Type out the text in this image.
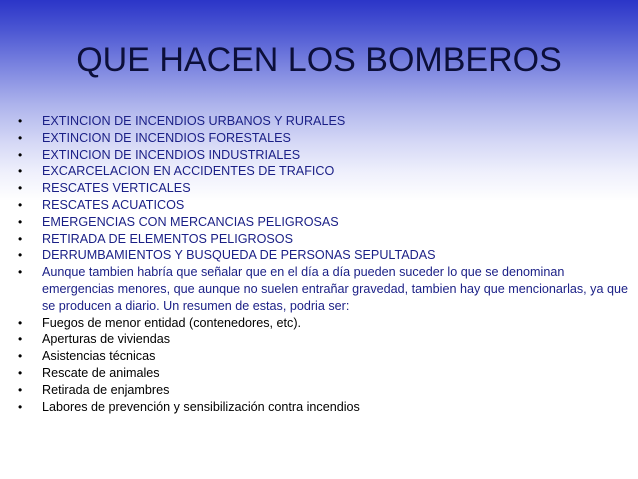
QUE HACEN LOS BOMBEROS
• EXTINCION DE INCENDIOS URBANOS Y RURALES
• EXTINCION DE INCENDIOS FORESTALES
• EXTINCION DE INCENDIOS INDUSTRIALES
• EXCARCELACION EN ACCIDENTES DE TRAFICO
• RESCATES VERTICALES
• RESCATES ACUATICOS
• EMERGENCIAS CON MERCANCIAS PELIGROSAS
• RETIRADA DE ELEMENTOS PELIGROSOS
• DERRUMBAMIENTOS Y BUSQUEDA DE PERSONAS SEPULTADAS
• Aunque tambien habría que señalar que en el día a día pueden suceder lo que se denominan emergencias menores, que aunque no suelen entrañar gravedad, tambien hay que mencionarlas, ya que se producen a diario. Un resumen de estas, podria ser:
• Fuegos de menor entidad (contenedores, etc).
• Aperturas de viviendas
• Asistencias técnicas
• Rescate de animales
• Retirada de enjambres
• Labores de prevención y sensibilización contra incendios
